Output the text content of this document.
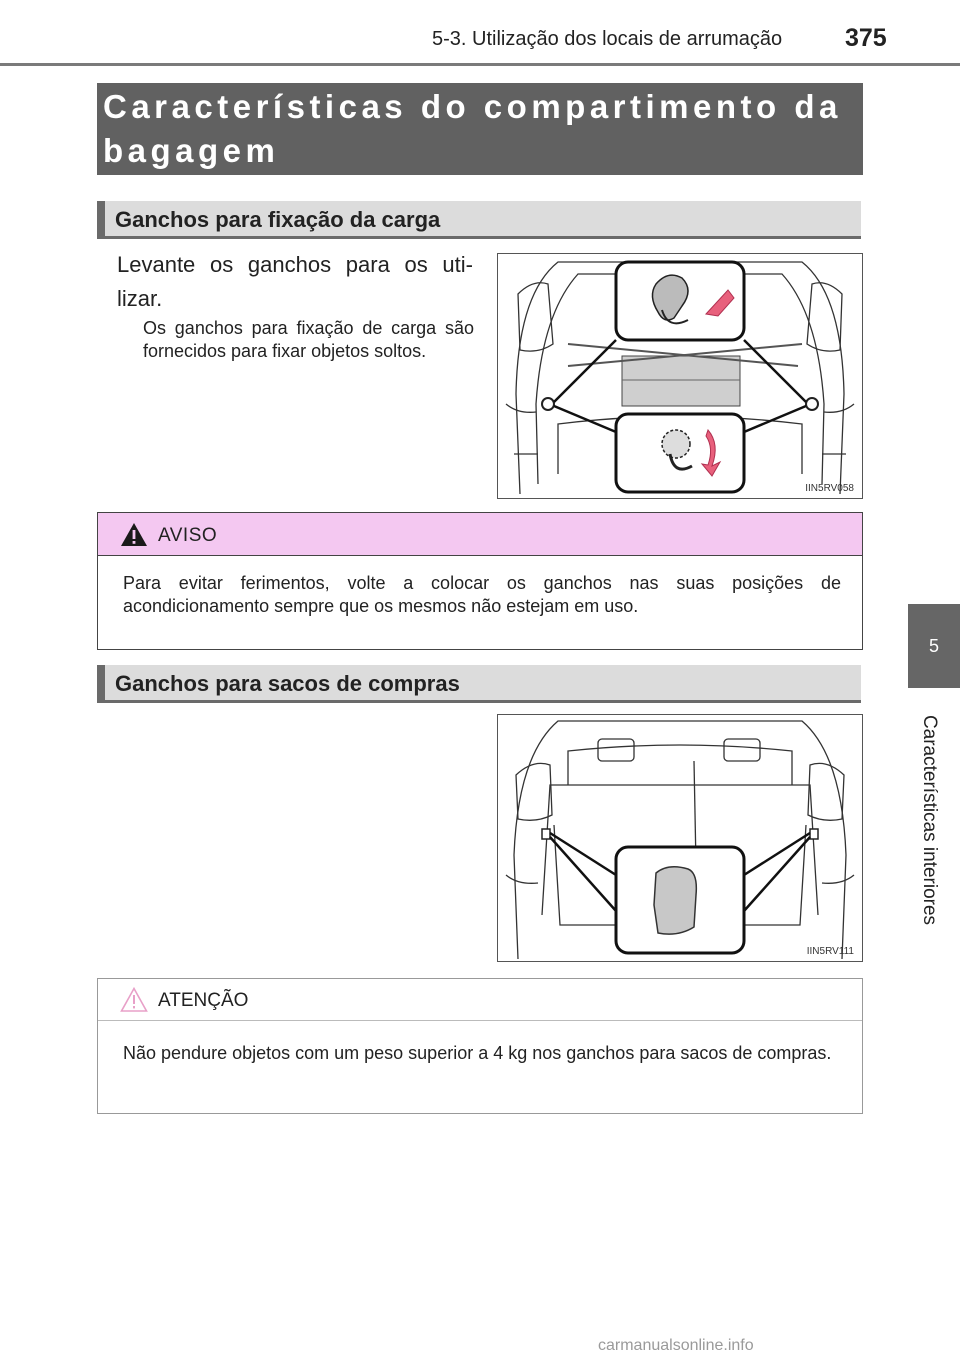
5-3. Utilização dos locais de arrumação	375
5
Características interiores
Características do compartimento da bagagem
Ganchos para fixação da carga
Levante os ganchos para os uti-lizar.
Os ganchos para fixação de carga são fornecidos para fixar objetos soltos.
IIN5RV058
AVISO
Para evitar ferimentos, volte a colocar os ganchos nas suas posições de acondicionamento sempre que os mesmos não estejam em uso.
Ganchos para sacos de compras
IIN5RV111
ATENÇÃO
Não pendure objetos com um peso superior a 4 kg nos ganchos para sacos de compras.
carmanualsonline.info
